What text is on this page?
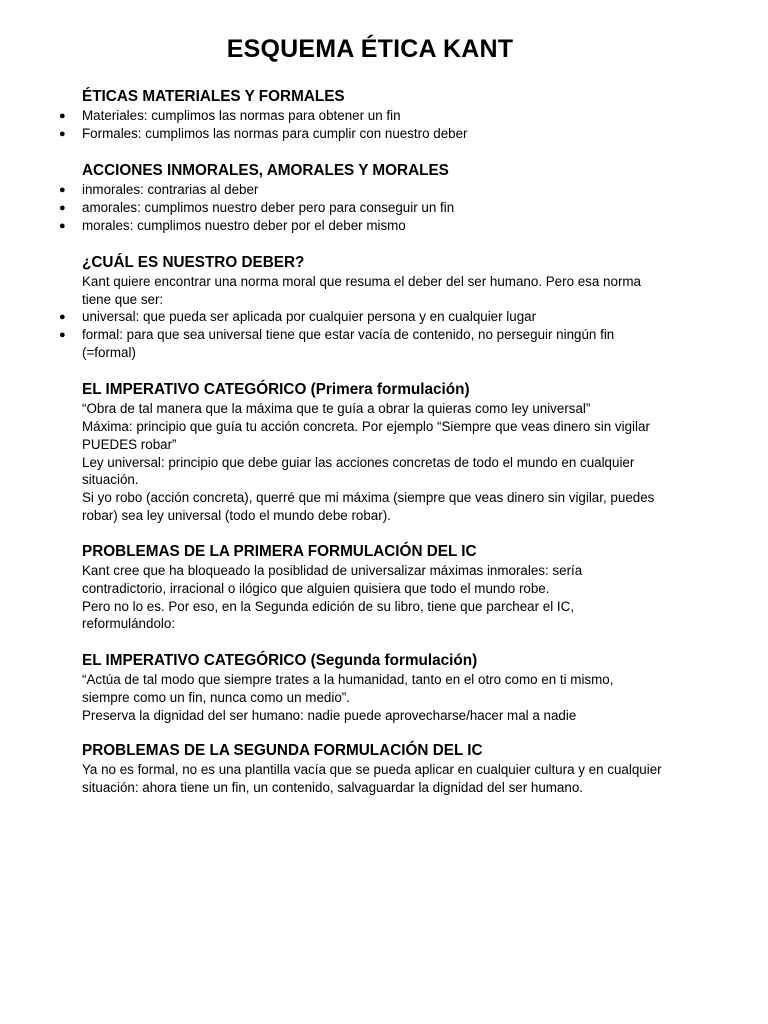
ESQUEMA ÉTICA KANT
ÉTICAS MATERIALES Y FORMALES
● Materiales: cumplimos las normas para obtener un fin
● Formales: cumplimos las normas para cumplir con nuestro deber
ACCIONES INMORALES, AMORALES Y MORALES
● inmorales: contrarias al deber
● amorales: cumplimos nuestro deber pero para conseguir un fin
● morales: cumplimos nuestro deber por el deber mismo
¿CUÁL ES NUESTRO DEBER?

Kant quiere encontrar una norma moral que resuma el deber del ser humano. Pero esa norma tiene que ser:

● universal: que pueda ser aplicada por cualquier persona y en cualquier lugar
● formal: para que sea universal tiene que estar vacía de contenido, no perseguir ningún fin (=formal)
EL IMPERATIVO CATEGÓRICO (Primera formulación)

“Obra de tal manera que la máxima que te guía a obrar la quieras como ley universal”

Máxima: principio que guía tu acción concreta. Por ejemplo “Siempre que veas dinero sin vigilar PUEDES robar”

Ley universal: principio que debe guiar las acciones concretas de todo el mundo en cualquier situación.

Si yo robo (acción concreta), querré que mi máxima (siempre que veas dinero sin vigilar, puedes robar) sea ley universal (todo el mundo debe robar).

PROBLEMAS DE LA PRIMERA FORMULACIÓN DEL IC

Kant cree que ha bloqueado la posiblidad de universalizar máximas inmorales: sería contradictorio, irracional o ilógico que alguien quisiera que todo el mundo robe.

Pero no lo es. Por eso, en la Segunda edición de su libro, tiene que parchear el IC, reformulándolo:

EL IMPERATIVO CATEGÓRICO (Segunda formulación)

“Actúa de tal modo que siempre trates a la humanidad, tanto en el otro como en ti mismo, siempre como un fin, nunca como un medio”.

Preserva la dignidad del ser humano: nadie puede aprovecharse/hacer mal a nadie

PROBLEMAS DE LA SEGUNDA FORMULACIÓN DEL IC

Ya no es formal, no es una plantilla vacía que se pueda aplicar en cualquier cultura y en cualquier situación: ahora tiene un fin, un contenido, salvaguardar la dignidad del ser humano.
